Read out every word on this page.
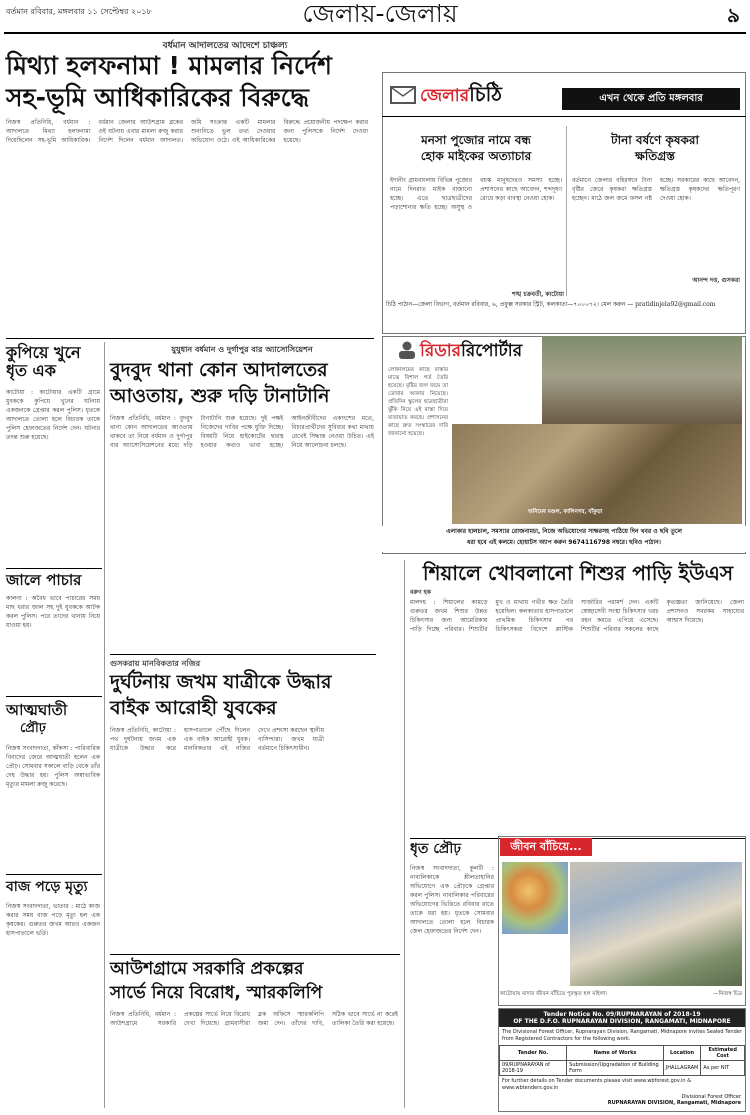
বর্তমান রবিবার, মঙ্গলবার ১১ সেপ্টেম্বর ২০১৮	জেলায়-জেলায়	৯
বর্ধমান আদালতের আদেশে চাঞ্চল্য
মিথ্যা হলফনামা ! মামলার নির্দেশ
সহ-ভূমি আধিকারিকের বিরুদ্ধে
নিজস্ব প্রতিনিধি, বর্ধমান : আদালতে মিথ্যা হলফনামা দিয়েছিলেন সহ-ভূমি আধিকারিক। বর্ধমান জেলার আউশগ্রাম ব্লকের ওই ঘটনায় এবার মামলা রুজু করার নির্দেশ দিলেন বর্ধমান আদালত। জমি সংক্রান্ত একটি মামলার শুনানিতে ভুল তথ্য দেওয়ার অভিযোগ ওঠে। ওই আধিকারিকের বিরুদ্ধে প্রয়োজনীয় পদক্ষেপ করার জন্য পুলিসকে নির্দেশ দেওয়া হয়েছে।
কুপিয়ে খুনে ধৃত এক
কাটোয়া : কাটোয়ার একটি গ্রামে যুবককে কুপিয়ে খুনের ঘটনায় একজনকে গ্রেপ্তার করল পুলিস। ধৃতকে আদালতে তোলা হলে বিচারক তাকে পুলিস হেফাজতের নির্দেশ দেন। ঘটনার তদন্ত শুরু হয়েছে।
জালে পাচার
কালনা : অবৈধ ভাবে পাচারের সময় মাছ ধরার জাল সহ দুই যুবককে আটক করল পুলিস। পরে তাদের থানায় নিয়ে যাওয়া হয়।
আত্মঘাতী
প্রৌঢ়
নিজস্ব সংবাদদাতা, কাঁকসা : পারিবারিক বিবাদের জেরে আত্মঘাতী হলেন এক প্রৌঢ়। সোমবার সকালে বাড়ি থেকে তাঁর দেহ উদ্ধার হয়। পুলিস অস্বাভাবিক মৃত্যুর মামলা রুজু করেছে।
বাজ পড়ে মৃত্যু
নিজস্ব সংবাদদাতা, ভাতার : মাঠে কাজ করার সময় বাজ পড়ে মৃত্যু হল এক কৃষকের। গুরুতর জখম আরও একজন হাসপাতালে ভর্তি।
যুযুধান বর্ধমান ও দুর্গাপুর বার অ্যাসোসিয়েশন
বুদবুদ থানা কোন আদালতের
আওতায়, শুরু দড়ি টানাটানি
নিজস্ব প্রতিনিধি, বর্ধমান : বুদবুদ থানা কোন আদালতের আওতায় থাকবে তা নিয়ে বর্ধমান ও দুর্গাপুর বার অ্যাসোসিয়েশনের মধ্যে দড়ি টানাটানি শুরু হয়েছে। দুই পক্ষই নিজেদের দাবির পক্ষে যুক্তি দিচ্ছে। বিষয়টি নিয়ে হাইকোর্টের দ্বারস্থ হওয়ার কথাও ভাবা হচ্ছে। আইনজীবীদের একাংশের মতে, বিচারপ্রার্থীদের সুবিধার কথা মাথায় রেখেই সিদ্ধান্ত নেওয়া উচিত। এই নিয়ে আলোচনা চলছে।
গুসকরায় মানবিকতার নজির
দুর্ঘটনায় জখম যাত্রীকে উদ্ধার
বাইক আরোহী যুবকের
নিজস্ব প্রতিনিধি, কাটোয়া : পথ দুর্ঘটনায় জখম এক যাত্রীকে উদ্ধার করে হাসপাতালে পৌঁছে দিলেন এক বাইক আরোহী যুবক। মানবিকতার এই নজির দেখে প্রশংসা করছেন স্থানীয় বাসিন্দারা। জখম যাত্রী বর্তমানে চিকিৎসাধীন।
আউশগ্রামে সরকারি প্রকল্পের
সার্ভে নিয়ে বিরোধ, স্মারকলিপি
নিজস্ব প্রতিনিধি, বর্ধমান : আউশগ্রামে সরকারি প্রকল্পের সার্ভে নিয়ে বিরোধ দেখা দিয়েছে। গ্রামবাসীরা ব্লক অফিসে স্মারকলিপি জমা দেন। তাঁদের দাবি, সঠিক ভাবে সার্ভে না করেই তালিকা তৈরি করা হয়েছে।
জেলারচিঠি	এখন থেকে প্রতি মঙ্গলবার
মনসা পুজোর নামে বন্ধ
হোক মাইকের অত্যাচার
ইদানীং গ্রামবাংলায় বিভিন্ন পুজোর নামে দিনরাত মাইক বাজানো হচ্ছে। এতে ছাত্রছাত্রীদের পড়াশোনার ক্ষতি হচ্ছে। অসুস্থ ও বয়স্ক মানুষদেরও সমস্যা হচ্ছে। প্রশাসনের কাছে আবেদন, শব্দদূষণ রোধে কড়া ব্যবস্থা নেওয়া হোক।
শঙ্খ চক্রবর্তী, কাটোয়া
টানা বর্ষণে কৃষকরা
ক্ষতিগ্রস্ত
বর্তমানে জেলার বহিরঙ্গনে টানা বৃষ্টির জেরে কৃষকরা ক্ষতিগ্রস্ত হচ্ছেন। মাঠে জল জমে ফসল নষ্ট হচ্ছে। সরকারের কাছে আবেদন, ক্ষতিগ্রস্ত কৃষকদের ক্ষতিপূরণ দেওয়া হোক।
আনন্দ দত্ত, গুসকরা
চিঠি পাঠান—জেলা বিভাগ, বর্তমান রবিবার, ৬, প্রফুল্ল সরকার স্ট্রিট, কলকাতা—৭০০০৭২। মেল করুন — pratidinjela92@gmail.com
রিডাররিপোর্টার
লোকালয়ের কাছে রাস্তার মাঝে বিশাল গর্ত তৈরি হয়েছে। বৃষ্টির জল জমে তা ডোবার আকার নিয়েছে। প্রতিদিন স্কুলের ছাত্রছাত্রীরা ঝুঁকি নিয়ে এই রাস্তা দিয়ে যাতায়াত করছে। প্রশাসনের কাছে দ্রুত সংস্কারের দাবি জানানো হয়েছে।
অনিমেষ মণ্ডল, কালিনগর, বাঁকুড়া
এলাকার হালচাল, সমস্যার রোজনামচা, নিজে অভিযোগের সাক্ষরসহ পাঠিয়ে দিন খবর ও ছবি তুলে
ধরা হবে এই কলমে। হোয়াটস অ্যাপ করুন 9674116798 নম্বরে। ছবিও পাঠান।
শিয়ালে খোবলানো শিশুর পাড়ি ইউএস
বরুণ হক
মালদহ : শিয়ালের কামড়ে গুরুতর জখম শিশুর উন্নত চিকিৎসার জন্য আমেরিকায় পাড়ি দিচ্ছে পরিবার। শিশুটির মুখ ও মাথায় গভীর ক্ষত তৈরি হয়েছিল। কলকাতার হাসপাতালে প্রাথমিক চিকিৎসার পর চিকিৎসকরা বিদেশে প্লাস্টিক সার্জারির পরামর্শ দেন। একটি স্বেচ্ছাসেবী সংস্থা চিকিৎসার খরচ বহন করতে এগিয়ে এসেছে। শিশুটির পরিবার সকলের কাছে কৃতজ্ঞতা জানিয়েছে। জেলা প্রশাসনও সবরকম সাহায্যের আশ্বাস দিয়েছে।
ধৃত প্রৌঢ়
নিজস্ব সংবাদদাতা, কুলটি : নাবালিকাকে শ্লীলতাহানির অভিযোগে এক প্রৌঢ়কে গ্রেপ্তার করল পুলিস। নাবালিকার পরিবারের অভিযোগের ভিত্তিতে রবিবার রাতে তাকে ধরা হয়। ধৃতকে সোমবার আদালতে তোলা হলে বিচারক জেল হেফাজতের নির্দেশ দেন।
জীবন বাঁচিয়ে...
কাটোয়ায় মাদার জীবন বাঁচিয়ে পুরস্কৃত হল মহিলা।	—নিজস্ব চিত্র
Tender Notice No. 09/RUPNARAYAN of 2018-19
OF THE D.F.O. RUPNARAYAN DIVISION, RANGAMATI, MIDNAPORE
The Divisional Forest Officer, Rupnarayan Division, Rangamati, Midnapore invites Sealed Tender from Registered Contractors for the following work.
Tender No.	Name of Works	Location	Estimated Cost
09/RUPNARAYAN of 2018-19	Submission/Upgradation of Building Form	JHALLAGRAM	As per NIT
For further details on Tender documents please visit www.wbforest.gov.in & www.wbtenders.gov.in
Divisional Forest Officer
RUPNARAYAN DIVISION, Rangamati, Midnapore
